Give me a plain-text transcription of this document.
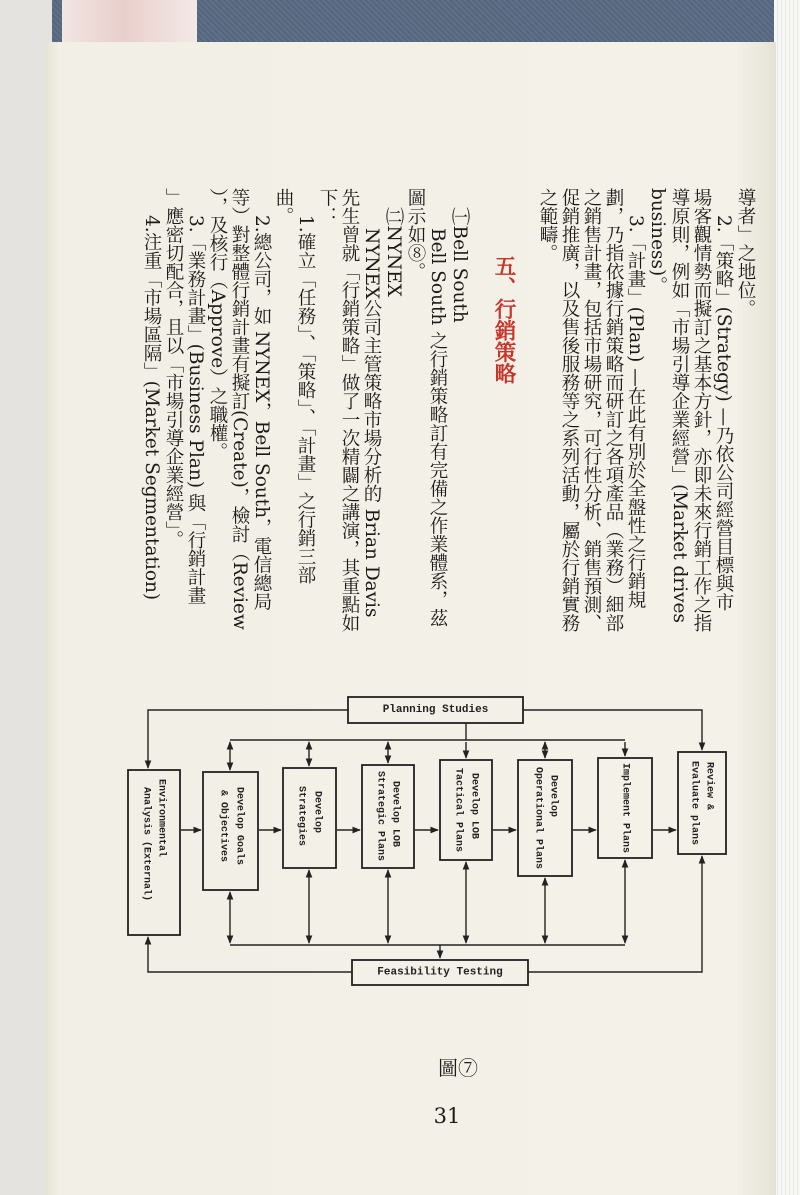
導者」之地位。
2.「策略」(Strategy) —乃依公司經營目標與市
場客觀情勢而擬訂之基本方針，亦即未來行銷工作之指
導原則，例如「市場引導企業經營」(Market drives
business)。
3.「計畫」(Plan) —在此有別於全盤性之行銷規
劃，乃指依據行銷策略而研訂之各項產品（業務）細部
之銷售計畫，包括市場研究，可行性分析、銷售預測、
促銷推廣，以及售後服務等之系列活動，屬於行銷實務
之範疇。
五、行銷策略
㈠Bell South
Bell South 之行銷策略訂有完備之作業體系，茲
圖示如⑧。
㈡NYNEX
NYNEX公司主管策略市場分析的 Brian Davis
先生曾就「行銷策略」做了一次精闢之講演，其重點如
下：
1.確立「任務」、「策略」、「計畫」之行銷三部
曲。
2.總公司，如 NYNEX，Bell South，電信總局
等）對整體行銷計畫有擬訂(Create)，檢討（Review
），及核行（Approve）之職權。
3.「業務計畫」(Business Plan) 與「行銷計畫
」應密切配合，且以「市場引導企業經營」。
4.注重「市場區隔」(Market Segmentation)
Planning Studies
Feasibility Testing
Environmental
Analysis (External)	Develop Goals
& Objectives	Develop
Strategies	Develop LOB
Strategic Plans	Develop LOB
Tactical Plans	Develop
Operational Plans	Implement Plans	Review &
Evaluate plans
圖⑦
31
